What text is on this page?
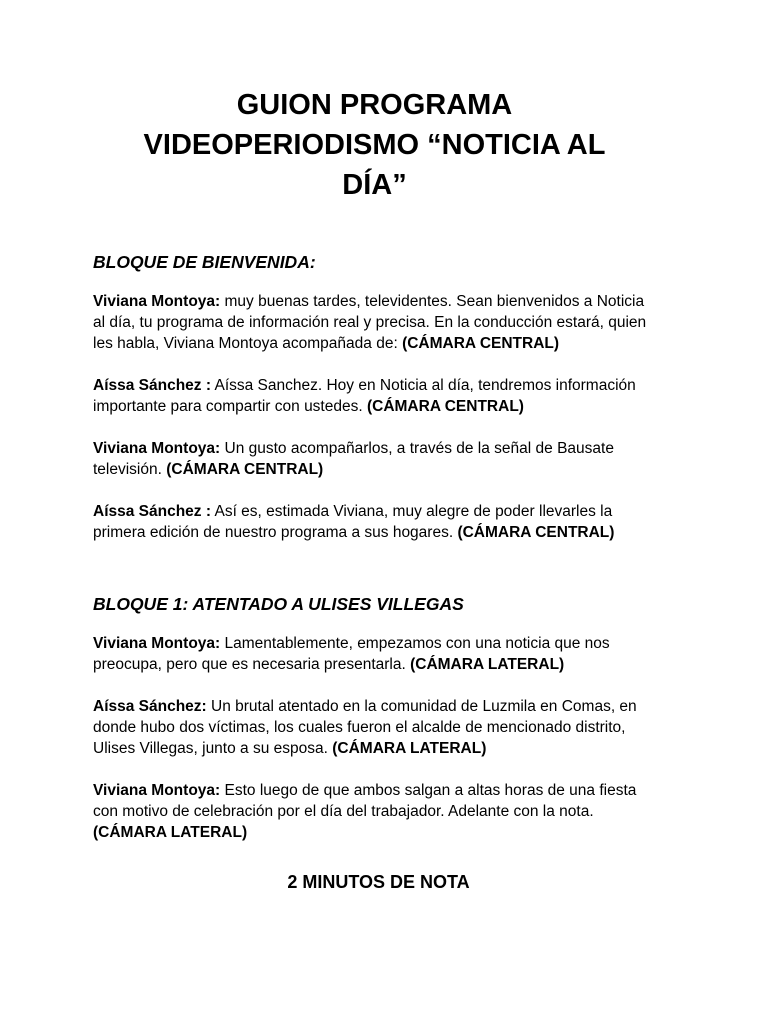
GUION PROGRAMA
VIDEOPERIODISMO “NOTICIA AL
DÍA”
BLOQUE DE BIENVENIDA:

Viviana Montoya: muy buenas tardes, televidentes. Sean bienvenidos a Noticia al día, tu programa de información real y precisa. En la conducción estará, quien les habla, Viviana Montoya acompañada de: (CÁMARA CENTRAL)

Aíssa Sánchez : Aíssa Sanchez. Hoy en Noticia al día, tendremos información importante para compartir con ustedes. (CÁMARA CENTRAL)

Viviana Montoya: Un gusto acompañarlos, a través de la señal de Bausate televisión. (CÁMARA CENTRAL)

Aíssa Sánchez : Así es, estimada Viviana, muy alegre de poder llevarles la primera edición de nuestro programa a sus hogares. (CÁMARA CENTRAL)

BLOQUE 1: ATENTADO A ULISES VILLEGAS

Viviana Montoya: Lamentablemente, empezamos con una noticia que nos preocupa, pero que es necesaria presentarla. (CÁMARA LATERAL)

Aíssa Sánchez: Un brutal atentado en la comunidad de Luzmila en Comas, en donde hubo dos víctimas, los cuales fueron el alcalde de mencionado distrito, Ulises Villegas, junto a su esposa. (CÁMARA LATERAL)

Viviana Montoya: Esto luego de que ambos salgan a altas horas de una fiesta con motivo de celebración por el día del trabajador. Adelante con la nota. (CÁMARA LATERAL)

2 MINUTOS DE NOTA
